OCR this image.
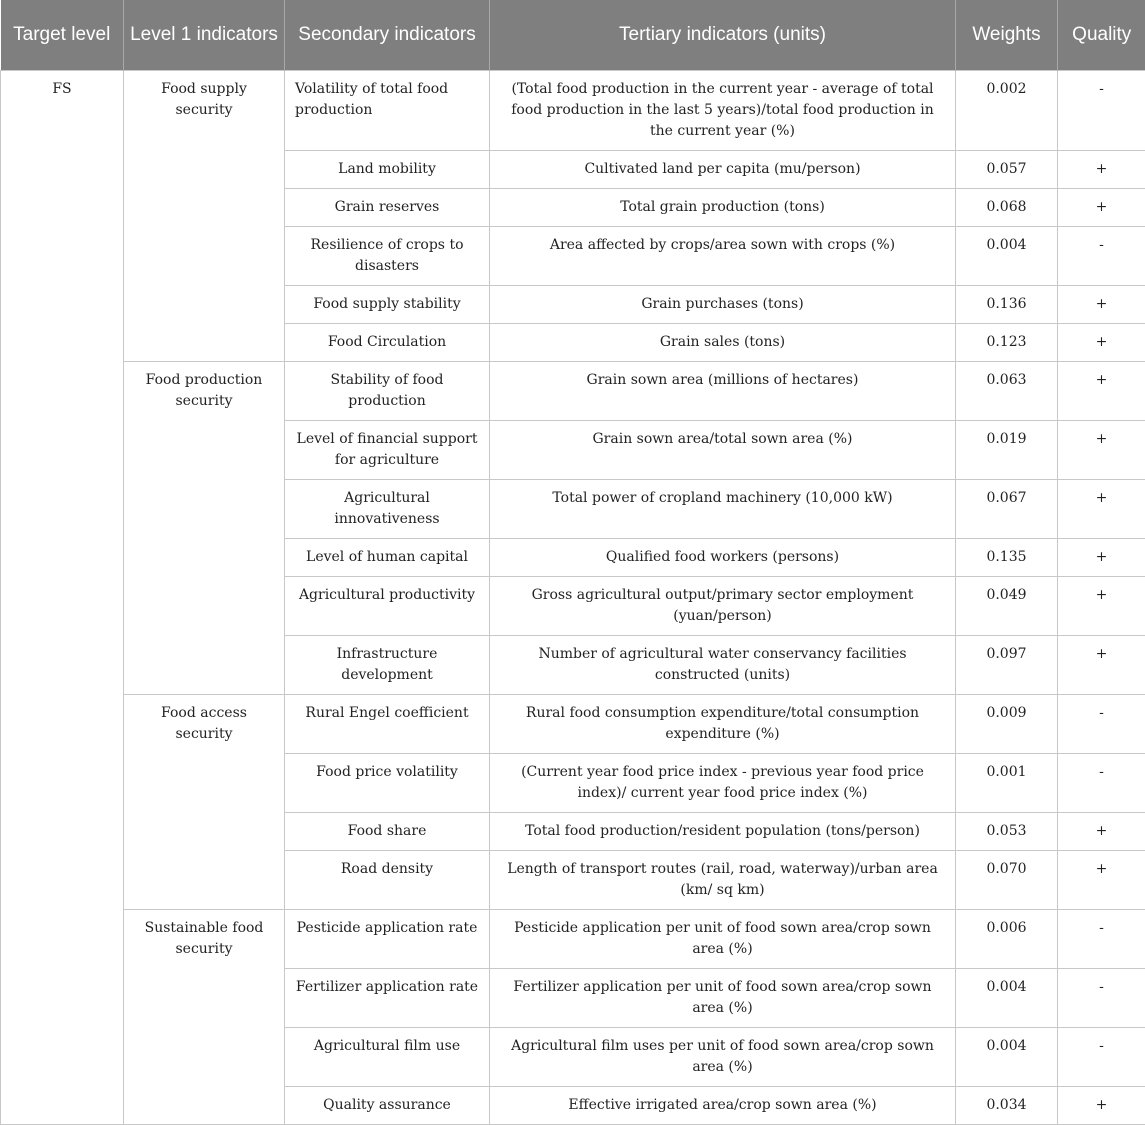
Target level	Level 1 indicators	Secondary indicators	Tertiary indicators (units)	Weights	Quality
FS	Food supply security	Volatility of total food production	(Total food production in the current year - average of total food production in the last 5 years)/total food production in the current year (%)	0.002	-
		Land mobility	Cultivated land per capita (mu/person)	0.057	+
		Grain reserves	Total grain production (tons)	0.068	+
		Resilience of crops to disasters	Area affected by crops/area sown with crops (%)	0.004	-
		Food supply stability	Grain purchases (tons)	0.136	+
		Food Circulation	Grain sales (tons)	0.123	+
	Food production security	Stability of food production	Grain sown area (millions of hectares)	0.063	+
		Level of financial support for agriculture	Grain sown area/total sown area (%)	0.019	+
		Agricultural innovativeness	Total power of cropland machinery (10,000 kW)	0.067	+
		Level of human capital	Qualified food workers (persons)	0.135	+
		Agricultural productivity	Gross agricultural output/primary sector employment (yuan/person)	0.049	+
		Infrastructure development	Number of agricultural water conservancy facilities constructed (units)	0.097	+
	Food access security	Rural Engel coefficient	Rural food consumption expenditure/total consumption expenditure (%)	0.009	-
		Food price volatility	(Current year food price index - previous year food price index)/ current year food price index (%)	0.001	-
		Food share	Total food production/resident population (tons/person)	0.053	+
		Road density	Length of transport routes (rail, road, waterway)/urban area (km/ sq km)	0.070	+
	Sustainable food security	Pesticide application rate	Pesticide application per unit of food sown area/crop sown area (%)	0.006	-
		Fertilizer application rate	Fertilizer application per unit of food sown area/crop sown area (%)	0.004	-
		Agricultural film use	Agricultural film uses per unit of food sown area/crop sown area (%)	0.004	-
		Quality assurance	Effective irrigated area/crop sown area (%)	0.034	+
